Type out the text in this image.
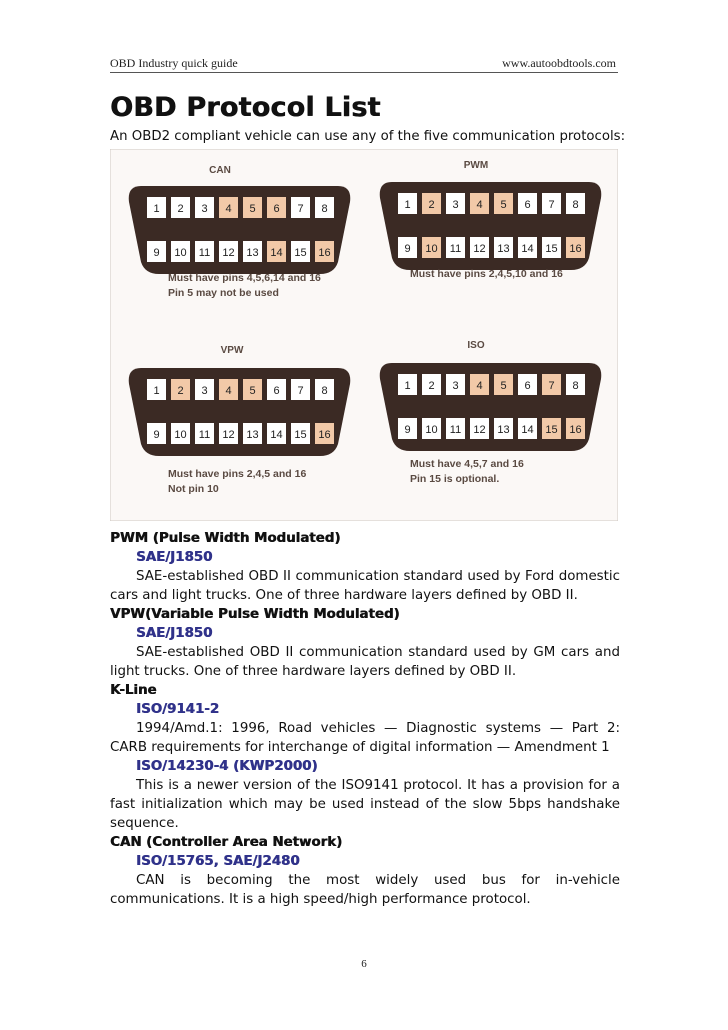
OBD Industry quick guide	www.autoobdtools.com
OBD Protocol List
An OBD2 compliant vehicle can use any of the five communication protocols:
CAN
1 2 3 4 5 6 7 8
9 10 11 12 13 14 15 16
Must have pins 4,5,6,14 and 16
Pin 5 may not be used
PWM
1 2 3 4 5 6 7 8
9 10 11 12 13 14 15 16
Must have pins 2,4,5,10 and 16
VPW
1 2 3 4 5 6 7 8
9 10 11 12 13 14 15 16
Must have pins 2,4,5 and 16
Not pin 10
ISO
1 2 3 4 5 6 7 8
9 10 11 12 13 14 15 16
Must have 4,5,7 and 16
Pin 15 is optional.
PWM (Pulse Width Modulated)
SAE/J1850
SAE-established OBD II communication standard used by Ford domestic cars and light trucks. One of three hardware layers defined by OBD II.
VPW(Variable Pulse Width Modulated)
SAE/J1850
SAE-established OBD II communication standard used by GM cars and light trucks. One of three hardware layers defined by OBD II.
K-Line
ISO/9141-2
1994/Amd.1: 1996, Road vehicles — Diagnostic systems — Part 2: CARB requirements for interchange of digital information — Amendment 1
ISO/14230-4 (KWP2000)
This is a newer version of the ISO9141 protocol. It has a provision for a fast initialization which may be used instead of the slow 5bps handshake sequence.
CAN (Controller Area Network)
ISO/15765, SAE/J2480
CAN is becoming the most widely used bus for in-vehicle communications. It is a high speed/high performance protocol.
6
